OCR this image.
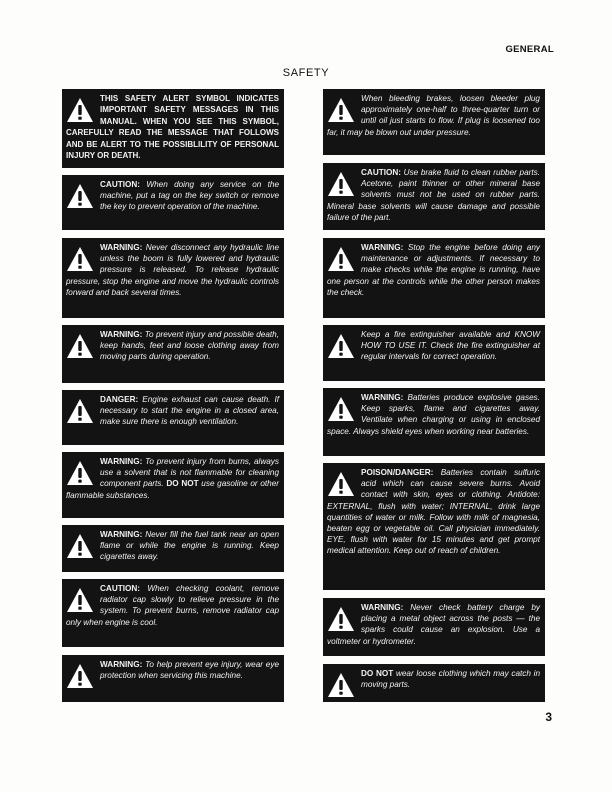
GENERAL
SAFETY
THIS SAFETY ALERT SYMBOL INDICATES IMPORTANT SAFETY MESSAGES IN THIS MANUAL. WHEN YOU SEE THIS SYMBOL, CAREFULLY READ THE MESSAGE THAT FOLLOWS AND BE ALERT TO THE POSSIBLILITY OF PERSONAL INJURY OR DEATH.
CAUTION: When doing any service on the machine, put a tag on the key switch or remove the key to prevent operation of the machine.
WARNING: Never disconnect any hydraulic line unless the boom is fully lowered and hydraulic pressure is released. To release hydraulic pressure, stop the engine and move the hydraulic controls forward and back several times.
WARNING: To prevent injury and possible death, keep hands, feet and loose clothing away from moving parts during operation.
DANGER: Engine exhaust can cause death. If necessary to start the engine in a closed area, make sure there is enough ventilation.
WARNING: To prevent injury from burns, always use a solvent that is not flammable for cleaning component parts. DO NOT use gasoline or other flammable substances.
WARNING: Never fill the fuel tank near an open flame or while the engine is running. Keep cigarettes away.
CAUTION: When checking coolant, remove radiator cap slowly to relieve pressure in the system. To prevent burns, remove radiator cap only when engine is cool.
WARNING: To help prevent eye injury, wear eye protection when servicing this machine.
When bleeding brakes, loosen bleeder plug approximately one-half to three-quarter turn or until oil just starts to flow. If plug is loosened too far, it may be blown out under pressure.
CAUTION: Use brake fluid to clean rubber parts. Acetone, paint thinner or other mineral base solvents must not be used on rubber parts. Mineral base solvents will cause damage and possible failure of the part.
WARNING: Stop the engine before doing any maintenance or adjustments. If necessary to make checks while the engine is running, have one person at the controls while the other person makes the check.
Keep a fire extinguisher available and KNOW HOW TO USE IT. Check the fire extinguisher at regular intervals for correct operation.
WARNING: Batteries produce explosive gases. Keep sparks, flame and cigarettes away. Ventilate when charging or using in enclosed space. Always shield eyes when working near batteries.
POISON/DANGER: Batteries contain sulfuric acid which can cause severe burns. Avoid contact with skin, eyes or clothing. Antidote: EXTERNAL, flush with water; INTERNAL, drink large quantities of water or milk. Follow with milk of magnesia, beaten egg or vegetable oil. Call physician immediately. EYE, flush with water for 15 minutes and get prompt medical attention. Keep out of reach of children.
WARNING: Never check battery charge by placing a metal object across the posts — the sparks could cause an explosion. Use a voltmeter or hydrometer.
DO NOT wear loose clothing which may catch in moving parts.
3
